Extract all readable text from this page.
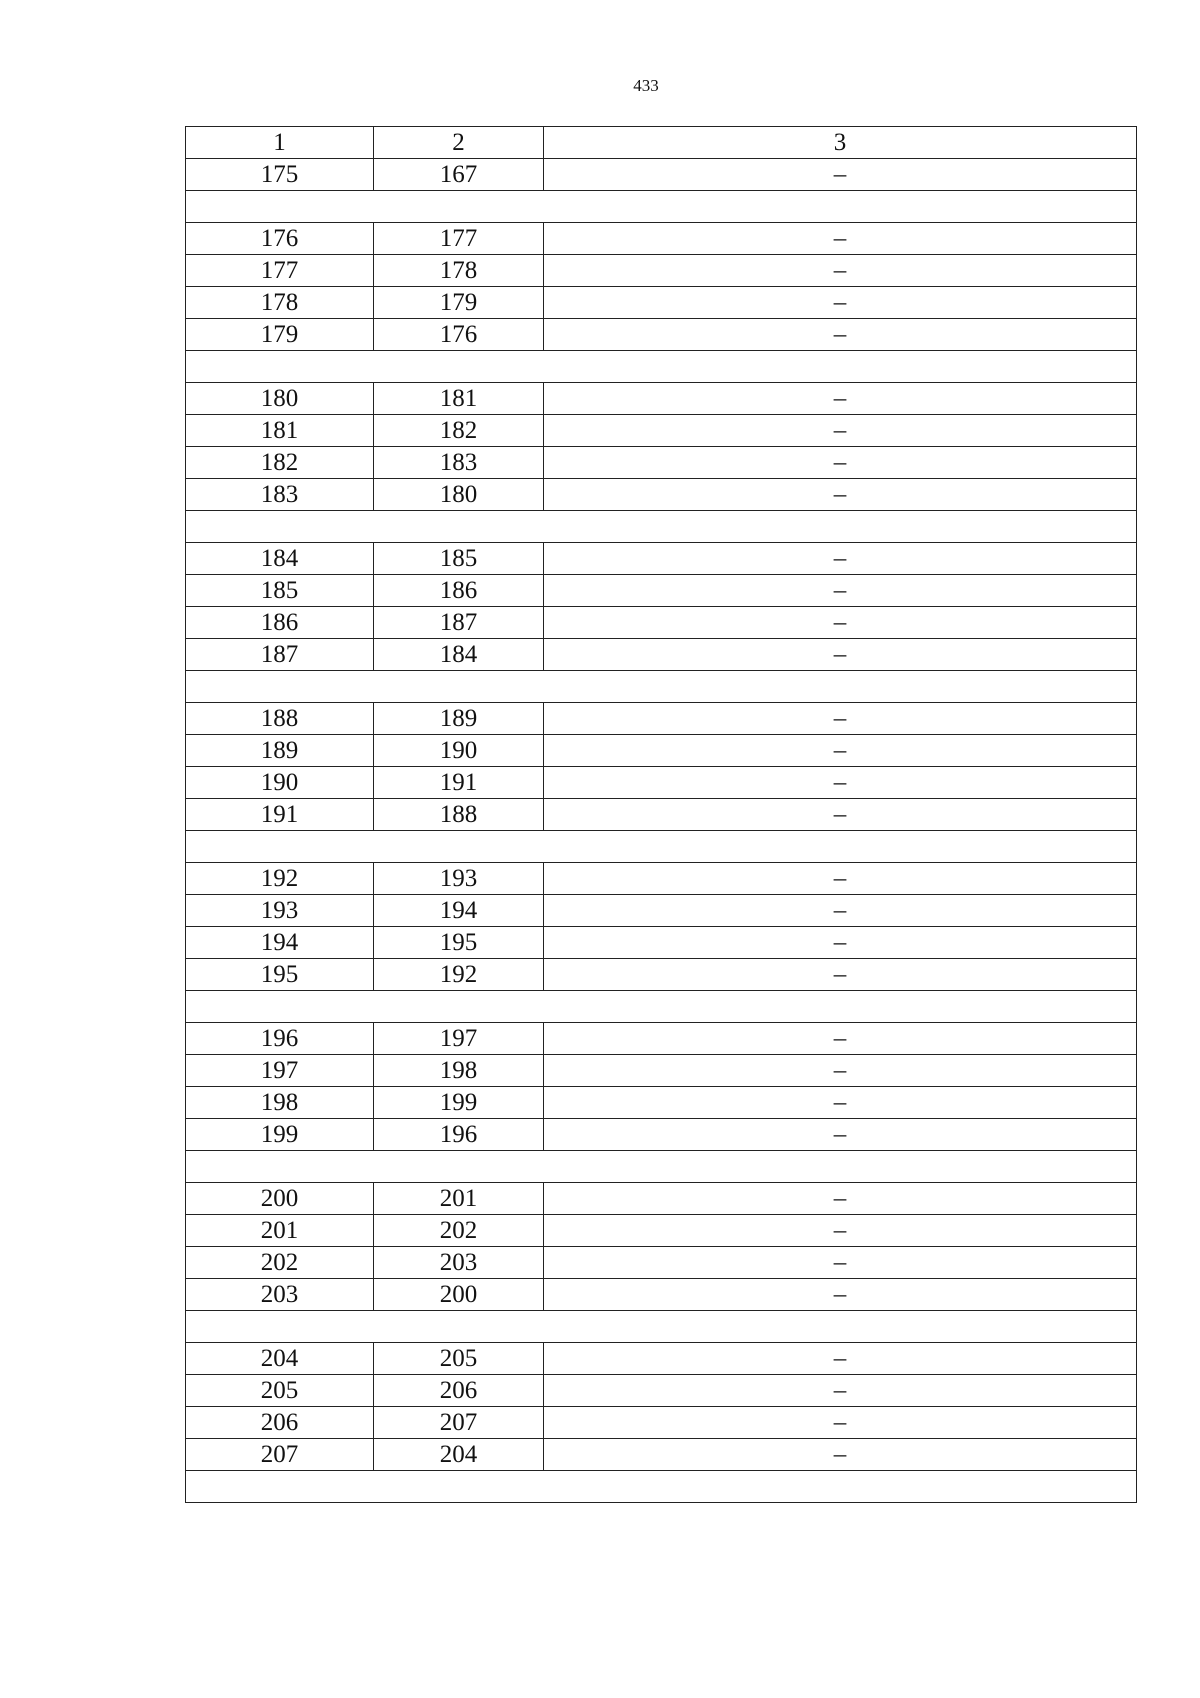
433
1	2	3
175	167	–

176	177	–
177	178	–
178	179	–
179	176	–

180	181	–
181	182	–
182	183	–
183	180	–

184	185	–
185	186	–
186	187	–
187	184	–

188	189	–
189	190	–
190	191	–
191	188	–

192	193	–
193	194	–
194	195	–
195	192	–

196	197	–
197	198	–
198	199	–
199	196	–

200	201	–
201	202	–
202	203	–
203	200	–

204	205	–
205	206	–
206	207	–
207	204	–
